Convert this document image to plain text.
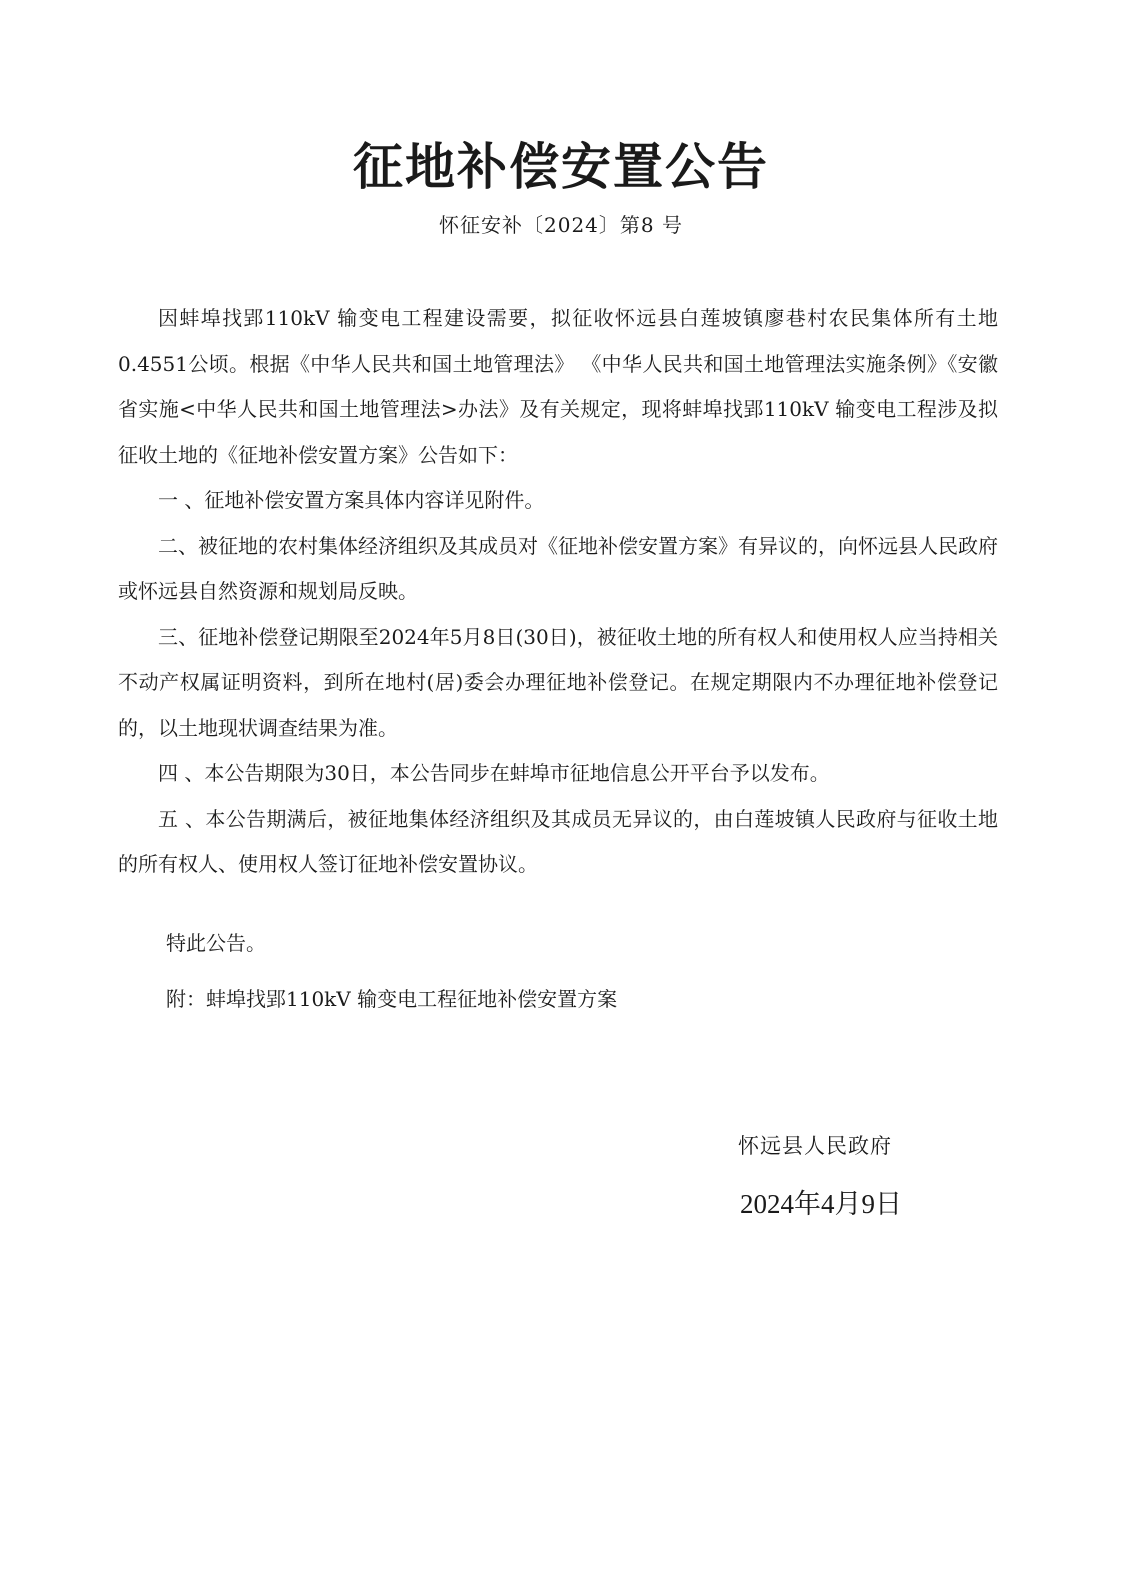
征地补偿安置公告
怀征安补〔2024〕第8 号

因蚌埠找郢110kV 输变电工程建设需要，拟征收怀远县白莲坡镇廖巷村农民集体所有土地0.4551公顷。根据《中华人民共和国土地管理法》 《中华人民共和国土地管理法实施条例》《安徽省实施<中华人民共和国土地管理法>办法》及有关规定，现将蚌埠找郢110kV 输变电工程涉及拟征收土地的《征地补偿安置方案》公告如下：

一 、征地补偿安置方案具体内容详见附件。

二、被征地的农村集体经济组织及其成员对《征地补偿安置方案》有异议的，向怀远县人民政府或怀远县自然资源和规划局反映。

三、征地补偿登记期限至2024年5月8日(30日)，被征收土地的所有权人和使用权人应当持相关不动产权属证明资料，到所在地村(居)委会办理征地补偿登记。在规定期限内不办理征地补偿登记的，以土地现状调查结果为准。

四 、本公告期限为30日，本公告同步在蚌埠市征地信息公开平台予以发布。

五 、本公告期满后，被征地集体经济组织及其成员无异议的，由白莲坡镇人民政府与征收土地的所有权人、使用权人签订征地补偿安置协议。

特此公告。

附：蚌埠找郢110kV 输变电工程征地补偿安置方案

怀远县人民政府
2024年4月9日
